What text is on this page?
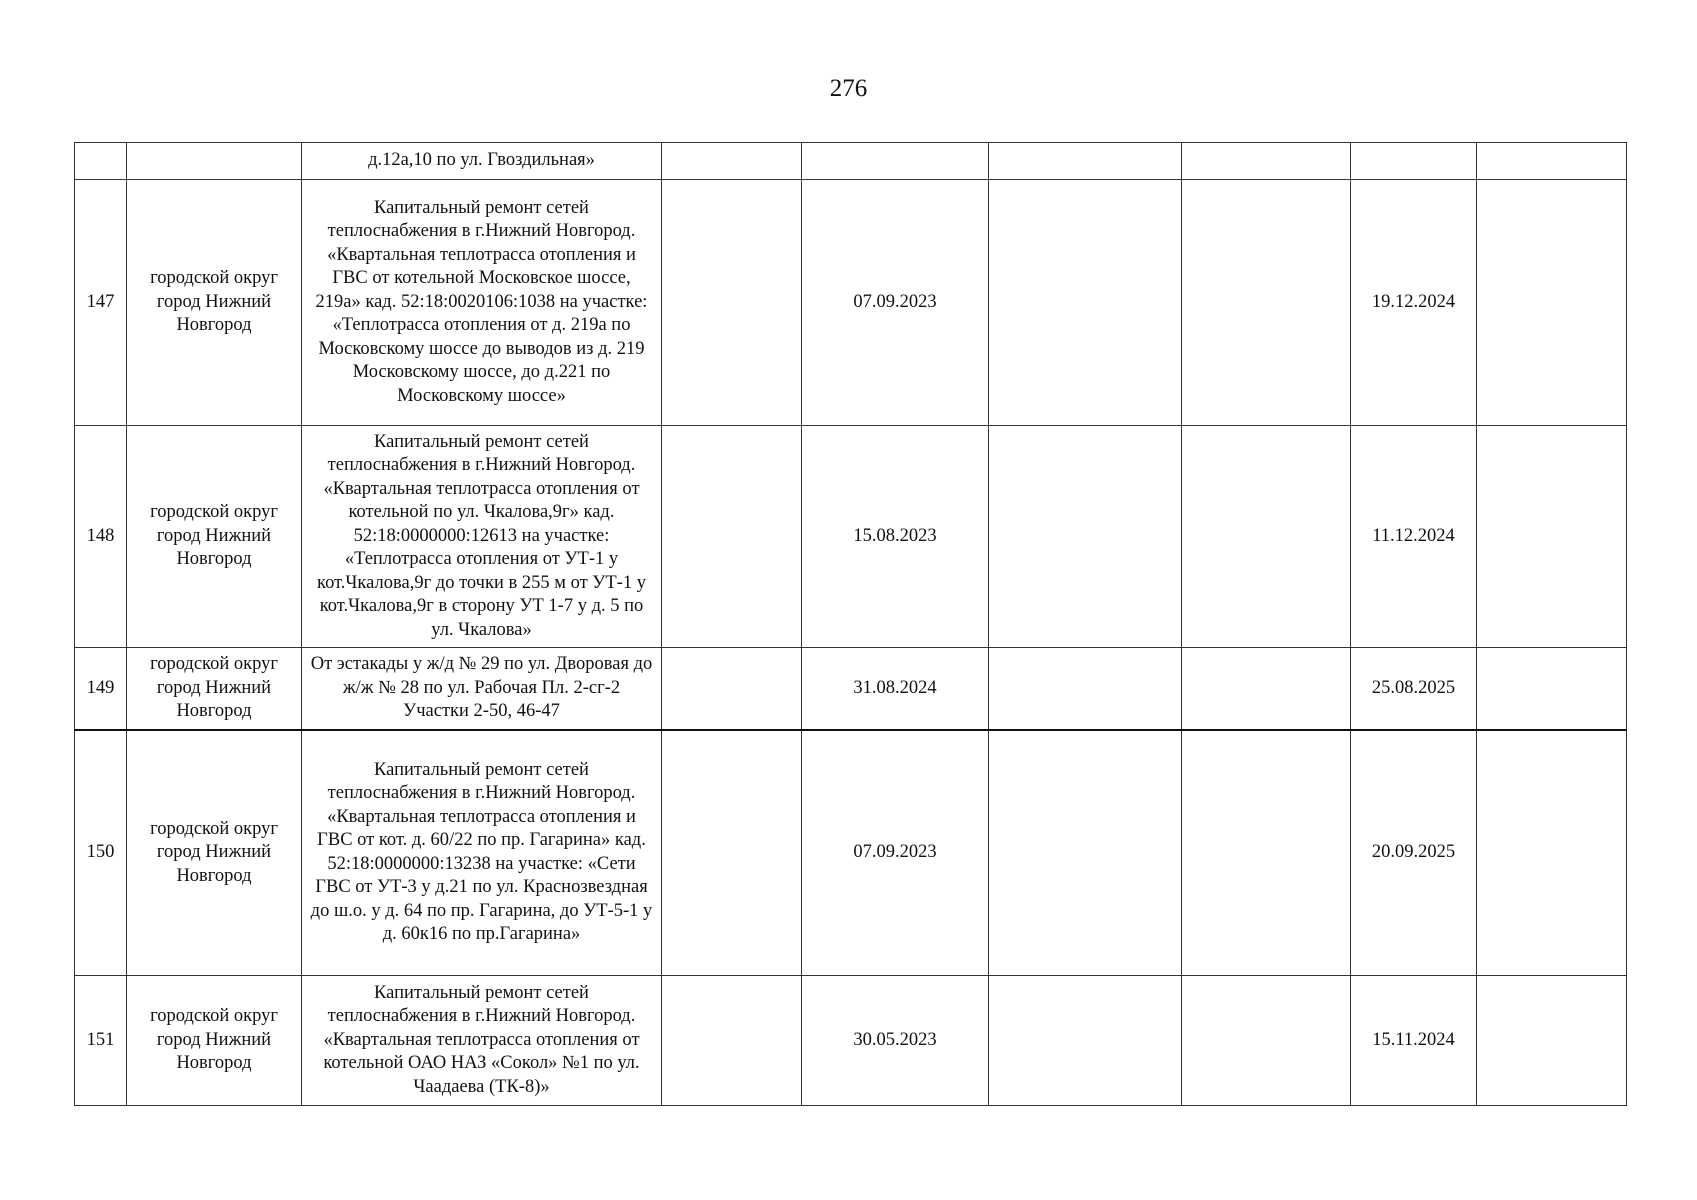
276
		д.12а,10 по ул. Гвоздильная»						
147	городской округ город Нижний Новгород	Капитальный ремонт сетей теплоснабжения в г.Нижний Новгород. «Квартальная теплотрасса отопления и ГВС от котельной Московское шоссе, 219а» кад. 52:18:0020106:1038 на участке: «Теплотрасса отопления от д. 219а по Московскому шоссе до выводов из д. 219 Московскому шоссе, до д.221 по Московскому шоссе»		07.09.2023			19.12.2024	
148	городской округ город Нижний Новгород	Капитальный ремонт сетей теплоснабжения в г.Нижний Новгород. «Квартальная теплотрасса отопления от котельной по ул. Чкалова,9г» кад. 52:18:0000000:12613 на участке: «Теплотрасса отопления от УТ-1 у кот.Чкалова,9г до точки в 255 м от УТ-1 у кот.Чкалова,9г в сторону УТ 1-7 у д. 5 по ул. Чкалова»		15.08.2023			11.12.2024	
149	городской округ город Нижний Новгород	От эстакады у ж/д № 29 по ул. Дворовая до ж/ж № 28 по ул. Рабочая Пл. 2-сг-2 Участки 2-50, 46-47		31.08.2024			25.08.2025	
150	городской округ город Нижний Новгород	Капитальный ремонт сетей теплоснабжения в г.Нижний Новгород. «Квартальная теплотрасса отопления и ГВС от кот. д. 60/22 по пр. Гагарина» кад. 52:18:0000000:13238 на участке: «Сети ГВС от УТ-3 у д.21 по ул. Краснозвездная до ш.о. у д. 64 по пр. Гагарина, до УТ-5-1 у д. 60к16 по пр.Гагарина»		07.09.2023			20.09.2025	
151	городской округ город Нижний Новгород	Капитальный ремонт сетей теплоснабжения в г.Нижний Новгород. «Квартальная теплотрасса отопления от котельной ОАО НАЗ «Сокол» №1 по ул. Чаадаева (ТК-8)»		30.05.2023			15.11.2024	
